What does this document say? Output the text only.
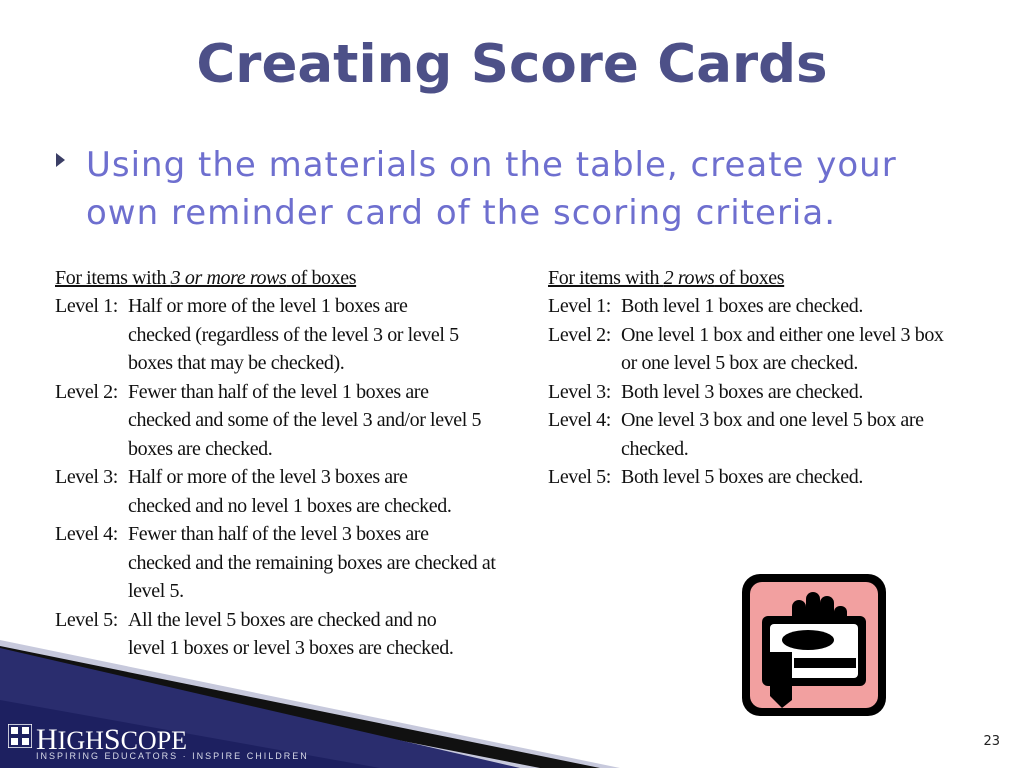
Creating Score Cards
Using the materials on the table, create your own reminder card of the scoring criteria.
For items with 3 or more rows of boxes
Level 1: Half or more of the level 1 boxes are
checked (regardless of the level 3 or level 5 boxes that may be checked).
Level 2: Fewer than half of the level 1 boxes are
checked and some of the level 3 and/or level 5 boxes are checked.
Level 3: Half or more of the level 3 boxes are
checked and no level 1 boxes are checked.
Level 4: Fewer than half of the level 3 boxes are
checked and the remaining boxes are checked at level 5.
Level 5: All the level 5 boxes are checked and no
level 1 boxes or level 3 boxes are checked.
For items with 2 rows of boxes
Level 1: Both level 1 boxes are checked.
Level 2: One level 1 box and either one level 3 box
or one level 5 box are checked.
Level 3: Both level 3 boxes are checked.
Level 4: One level 3 box and one level 5 box are
checked.
Level 5: Both level 5 boxes are checked.
HIGHSCOPE
INSPIRING EDUCATORS · INSPIRE CHILDREN
23
